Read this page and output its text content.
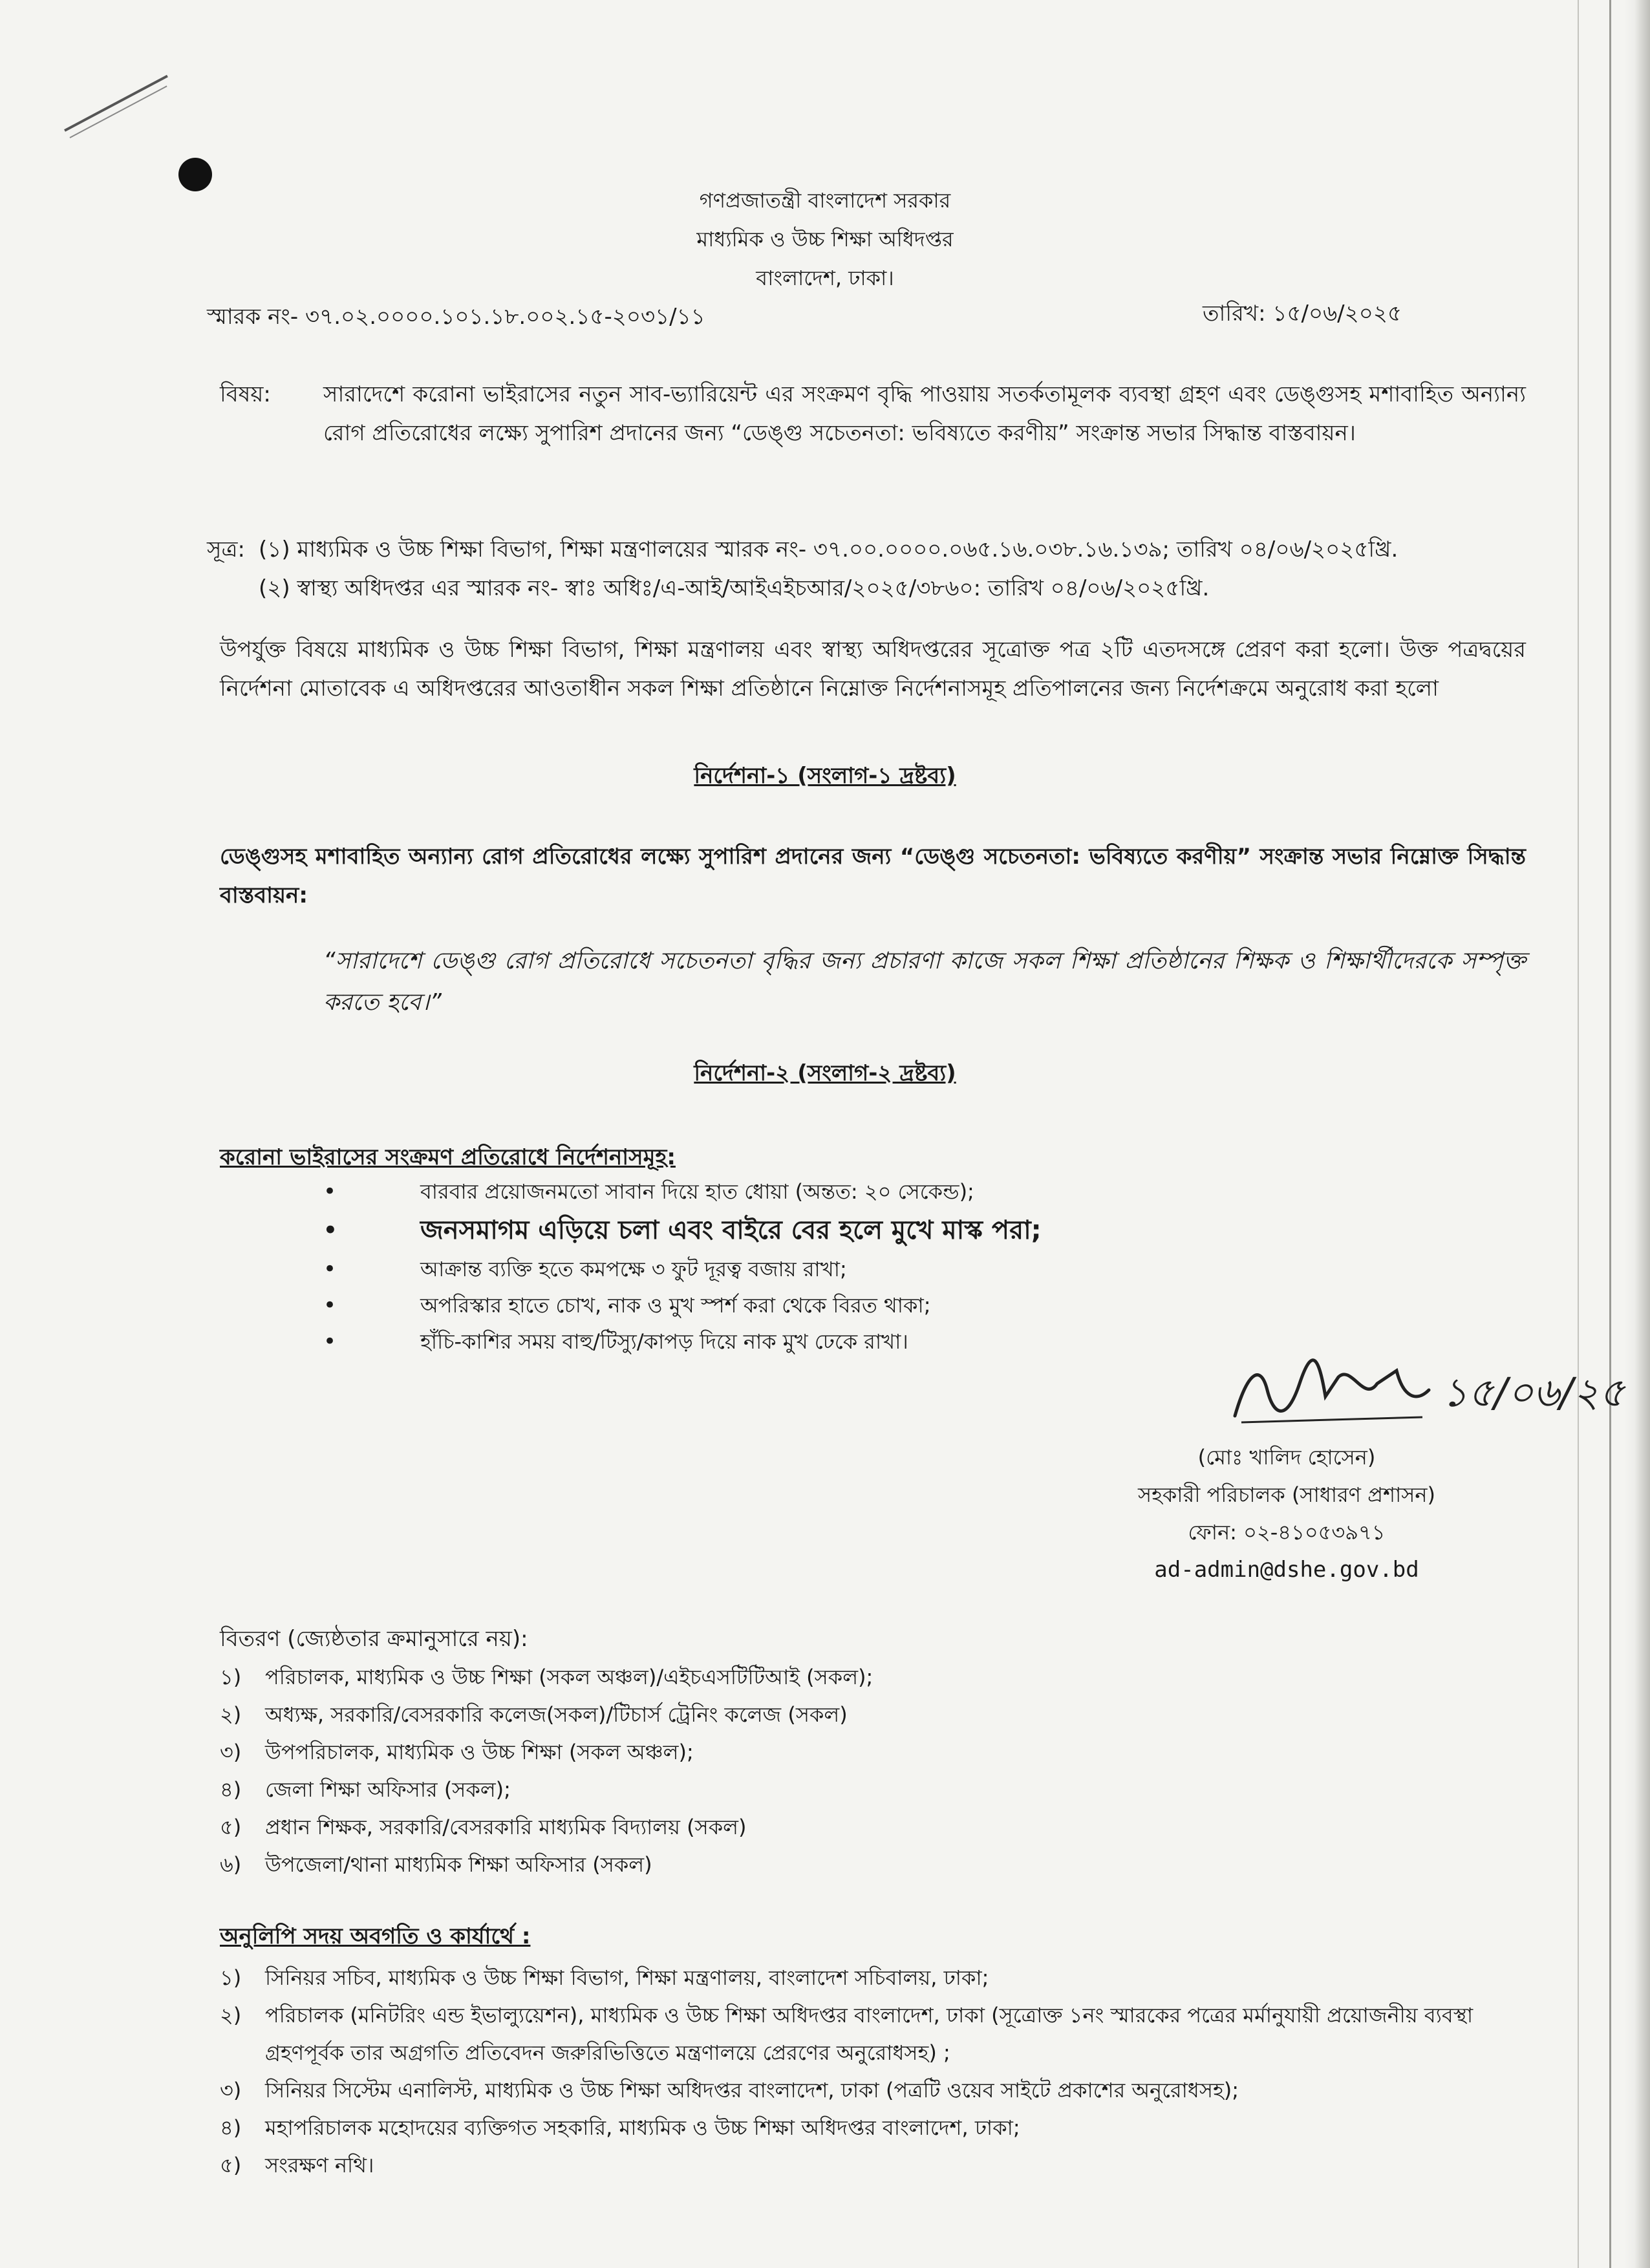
গণপ্রজাতন্ত্রী বাংলাদেশ সরকার
মাধ্যমিক ও উচ্চ শিক্ষা অধিদপ্তর
বাংলাদেশ, ঢাকা।
স্মারক নং- ৩৭.০২.০০০০.১০১.১৮.০০২.১৫-২০৩১/১১	তারিখ: ১৫/০৬/২০২৫
বিষয়:	সারাদেশে করোনা ভাইরাসের নতুন সাব-ভ্যারিয়েন্ট এর সংক্রমণ বৃদ্ধি পাওয়ায় সতর্কতামূলক ব্যবস্থা গ্রহণ এবং ডেঙ্গুসহ মশাবাহিত অন্যান্য রোগ প্রতিরোধের লক্ষ্যে সুপারিশ প্রদানের জন্য “ডেঙ্গু সচেতনতা: ভবিষ্যতে করণীয়” সংক্রান্ত সভার সিদ্ধান্ত বাস্তবায়ন।
সূত্র: (১) মাধ্যমিক ও উচ্চ শিক্ষা বিভাগ, শিক্ষা মন্ত্রণালয়ের স্মারক নং- ৩৭.০০.০০০০.০৬৫.১৬.০৩৮.১৬.১৩৯; তারিখ ০৪/০৬/২০২৫খ্রি.
(২) স্বাস্থ্য অধিদপ্তর এর স্মারক নং- স্বাঃ অধিঃ/এ-আই/আইএইচআর/২০২৫/৩৮৬০: তারিখ ০৪/০৬/২০২৫খ্রি.
উপর্যুক্ত বিষয়ে মাধ্যমিক ও উচ্চ শিক্ষা বিভাগ, শিক্ষা মন্ত্রণালয় এবং স্বাস্থ্য অধিদপ্তরের সূত্রোক্ত পত্র ২টি এতদসঙ্গে প্রেরণ করা হলো। উক্ত পত্রদ্বয়ের নির্দেশনা মোতাবেক এ অধিদপ্তরের আওতাধীন সকল শিক্ষা প্রতিষ্ঠানে নিম্নোক্ত নির্দেশনাসমূহ প্রতিপালনের জন্য নির্দেশক্রমে অনুরোধ করা হলো
নির্দেশনা-১ (সংলাগ-১ দ্রষ্টব্য)
ডেঙ্গুসহ মশাবাহিত অন্যান্য রোগ প্রতিরোধের লক্ষ্যে সুপারিশ প্রদানের জন্য “ডেঙ্গু সচেতনতা: ভবিষ্যতে করণীয়” সংক্রান্ত সভার নিম্নোক্ত সিদ্ধান্ত বাস্তবায়ন:
“সারাদেশে ডেঙ্গু রোগ প্রতিরোধে সচেতনতা বৃদ্ধির জন্য প্রচারণা কাজে সকল শিক্ষা প্রতিষ্ঠানের শিক্ষক ও শিক্ষার্থীদেরকে সম্পৃক্ত করতে হবে।”
নির্দেশনা-২ (সংলাগ-২ দ্রষ্টব্য)
করোনা ভাইরাসের সংক্রমণ প্রতিরোধে নির্দেশনাসমূহ:
• বারবার প্রয়োজনমতো সাবান দিয়ে হাত ধোয়া (অন্তত: ২০ সেকেন্ড);
• জনসমাগম এড়িয়ে চলা এবং বাইরে বের হলে মুখে মাস্ক পরা;
• আক্রান্ত ব্যক্তি হতে কমপক্ষে ৩ ফুট দূরত্ব বজায় রাখা;
• অপরিস্কার হাতে চোখ, নাক ও মুখ স্পর্শ করা থেকে বিরত থাকা;
• হাঁচি-কাশির সময় বাহু/টিস্যু/কাপড় দিয়ে নাক মুখ ঢেকে রাখা।
১৫/০৬/২৫
(মোঃ খালিদ হোসেন)
সহকারী পরিচালক (সাধারণ প্রশাসন)
ফোন: ০২-৪১০৫৩৯৭১
ad-admin@dshe.gov.bd
বিতরণ (জ্যেষ্ঠতার ক্রমানুসারে নয়):
১) পরিচালক, মাধ্যমিক ও উচ্চ শিক্ষা (সকল অঞ্চল)/এইচএসটিটিআই (সকল);
২) অধ্যক্ষ, সরকারি/বেসরকারি কলেজ(সকল)/টিচার্স ট্রেনিং কলেজ (সকল)
৩) উপপরিচালক, মাধ্যমিক ও উচ্চ শিক্ষা (সকল অঞ্চল);
৪) জেলা শিক্ষা অফিসার (সকল);
৫) প্রধান শিক্ষক, সরকারি/বেসরকারি মাধ্যমিক বিদ্যালয় (সকল)
৬) উপজেলা/থানা মাধ্যমিক শিক্ষা অফিসার (সকল)
অনুলিপি সদয় অবগতি ও কার্যার্থে :
১) সিনিয়র সচিব, মাধ্যমিক ও উচ্চ শিক্ষা বিভাগ, শিক্ষা মন্ত্রণালয়, বাংলাদেশ সচিবালয়, ঢাকা;
২) পরিচালক (মনিটরিং এন্ড ইভাল্যুয়েশন), মাধ্যমিক ও উচ্চ শিক্ষা অধিদপ্তর বাংলাদেশ, ঢাকা (সূত্রোক্ত ১নং স্মারকের পত্রের মর্মানুযায়ী প্রয়োজনীয় ব্যবস্থা গ্রহণপূর্বক তার অগ্রগতি প্রতিবেদন জরুরিভিত্তিতে মন্ত্রণালয়ে প্রেরণের অনুরোধসহ) ;
৩) সিনিয়র সিস্টেম এনালিস্ট, মাধ্যমিক ও উচ্চ শিক্ষা অধিদপ্তর বাংলাদেশ, ঢাকা (পত্রটি ওয়েব সাইটে প্রকাশের অনুরোধসহ);
৪) মহাপরিচালক মহোদয়ের ব্যক্তিগত সহকারি, মাধ্যমিক ও উচ্চ শিক্ষা অধিদপ্তর বাংলাদেশ, ঢাকা;
৫) সংরক্ষণ নথি।
